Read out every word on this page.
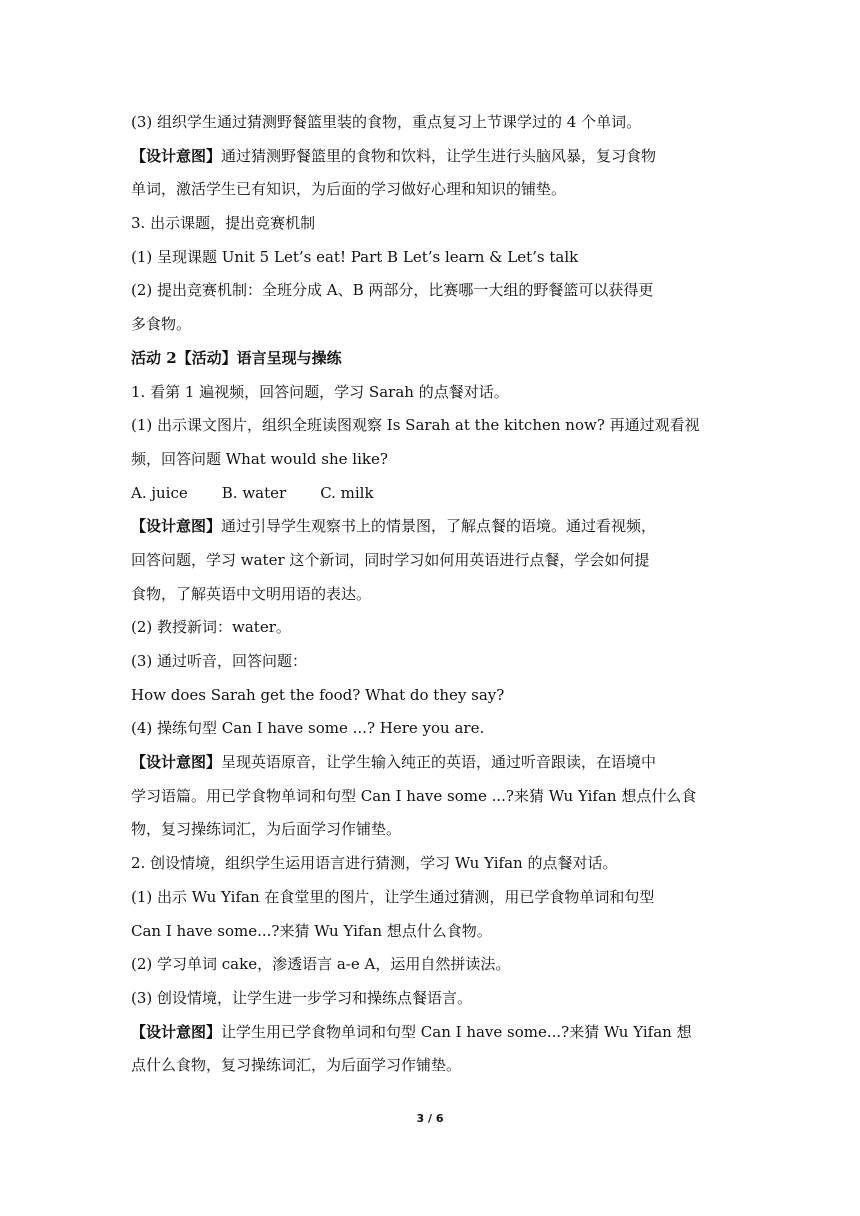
(3) 组织学生通过猜测野餐篮里装的食物，重点复习上节课学过的 4 个单词。
【设计意图】通过猜测野餐篮里的食物和饮料，让学生进行头脑风暴，复习食物
单词，激活学生已有知识，为后面的学习做好心理和知识的铺垫。
3. 出示课题，提出竞赛机制
(1) 呈现课题 Unit 5 Let’s eat! Part B Let’s learn & Let’s talk
(2) 提出竞赛机制：全班分成 A、B 两部分，比赛哪一大组的野餐篮可以获得更
多食物。
活动 2【活动】语言呈现与操练
1. 看第 1 遍视频，回答问题，学习 Sarah 的点餐对话。
(1) 出示课文图片，组织全班读图观察 Is Sarah at the kitchen now? 再通过观看视
频，回答问题 What would she like?
A. juice B. water C. milk
【设计意图】通过引导学生观察书上的情景图，了解点餐的语境。通过看视频，
回答问题，学习 water 这个新词，同时学习如何用英语进行点餐，学会如何提
食物，了解英语中文明用语的表达。
(2) 教授新词：water。
(3) 通过听音，回答问题：
How does Sarah get the food? What do they say?
(4) 操练句型 Can I have some ...? Here you are.
【设计意图】呈现英语原音，让学生输入纯正的英语，通过听音跟读，在语境中
学习语篇。用已学食物单词和句型 Can I have some ...?来猜 Wu Yifan 想点什么食
物，复习操练词汇，为后面学习作铺垫。
2. 创设情境，组织学生运用语言进行猜测，学习 Wu Yifan 的点餐对话。
(1) 出示 Wu Yifan 在食堂里的图片，让学生通过猜测，用已学食物单词和句型
Can I have some...?来猜 Wu Yifan 想点什么食物。
(2) 学习单词 cake，渗透语言 a-e A，运用自然拼读法。
(3) 创设情境，让学生进一步学习和操练点餐语言。
【设计意图】让学生用已学食物单词和句型 Can I have some...?来猜 Wu Yifan 想
点什么食物，复习操练词汇，为后面学习作铺垫。
3 / 6
